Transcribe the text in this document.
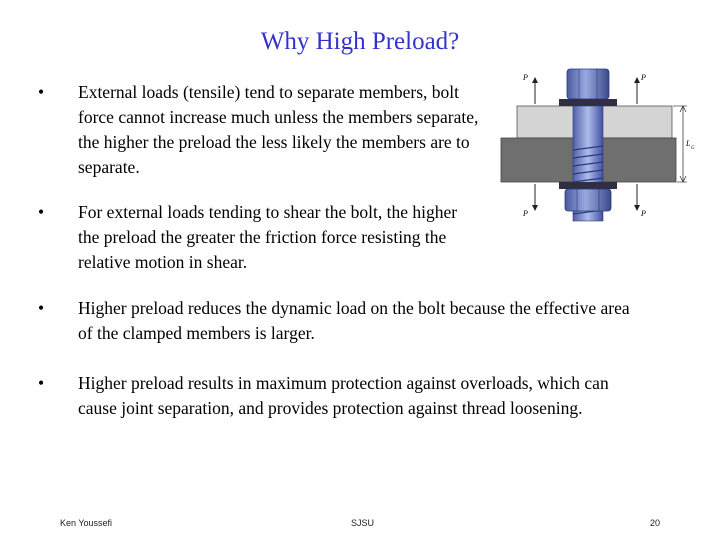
Why High Preload?
• External loads (tensile) tend to separate members, bolt force cannot increase much unless the members separate, the higher the preload the less likely the members are to separate.
• For external loads tending to shear the bolt, the higher the preload the greater the friction force resisting the relative motion in shear.
• Higher preload reduces the dynamic load on the bolt because the effective area of the clamped members is larger.
• Higher preload results in maximum protection against overloads, which can cause joint separation, and provides protection against thread loosening.
P	P
P	P
L
G
Ken Youssefi	SJSU	20
